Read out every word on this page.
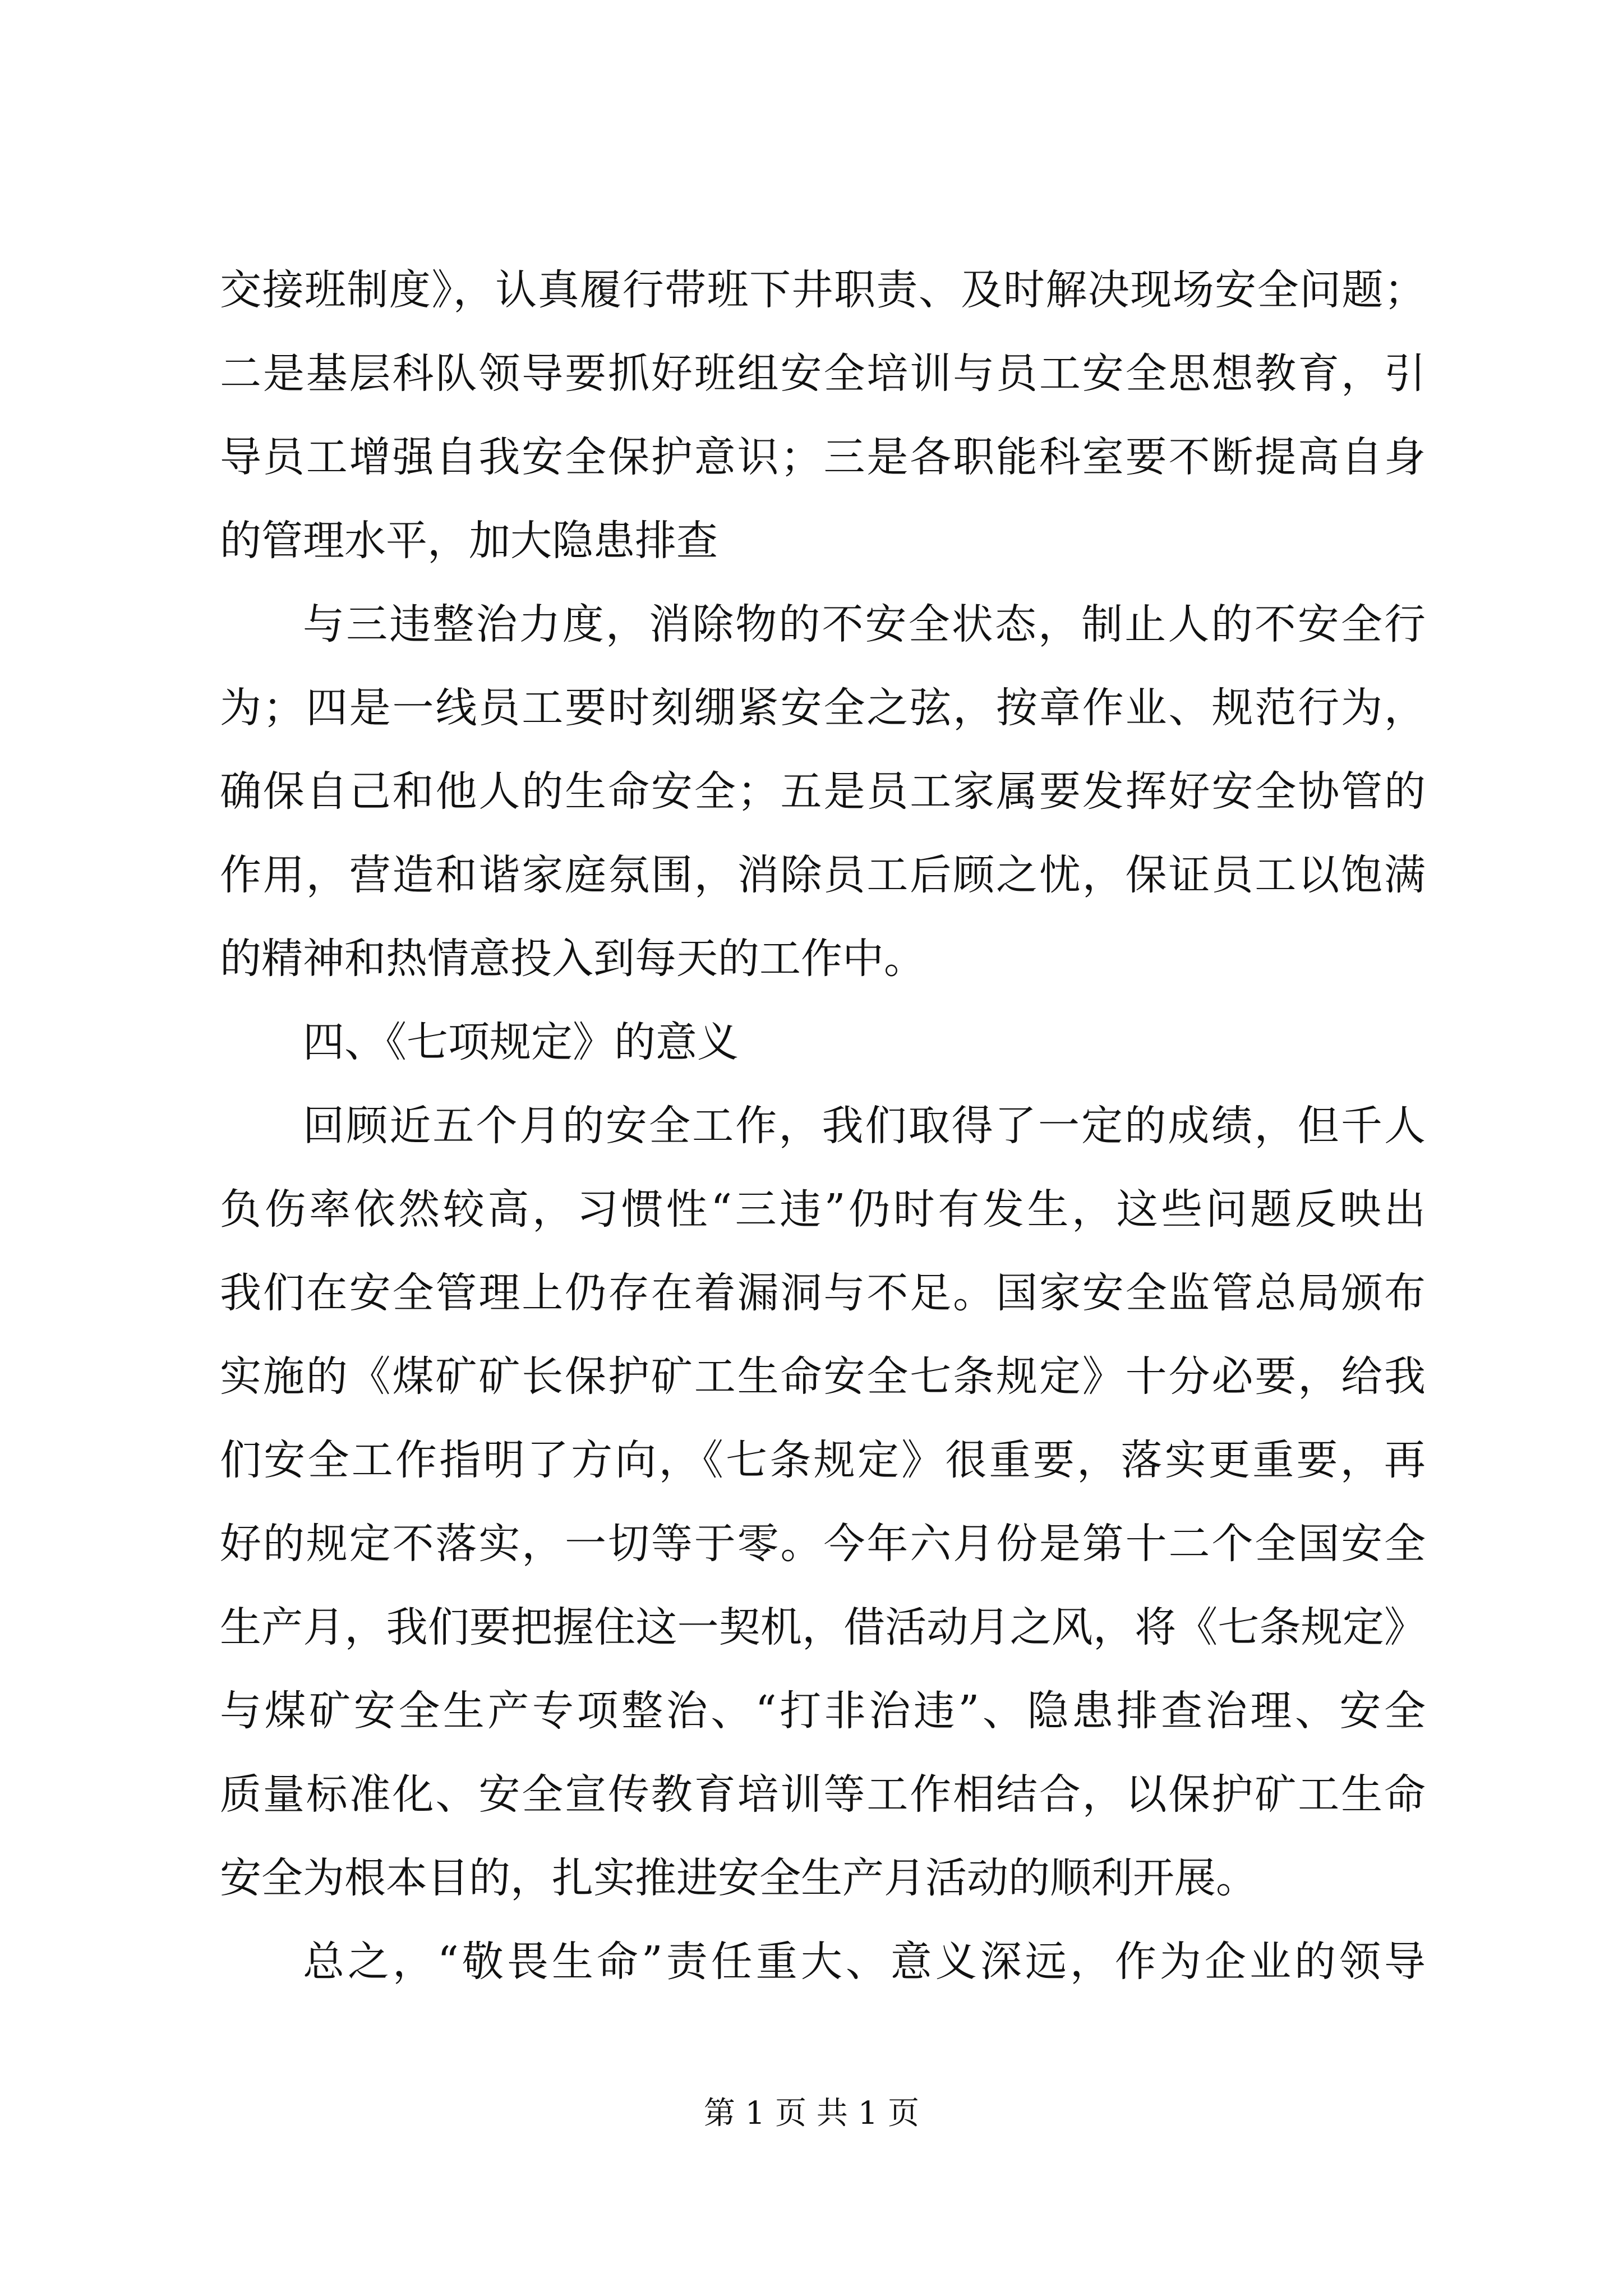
交接班制度》，认真履行带班下井职责、及时解决现场安全问题；
二是基层科队领导要抓好班组安全培训与员工安全思想教育，引
导员工增强自我安全保护意识；三是各职能科室要不断提高自身
的管理水平，加大隐患排查
与三违整治力度，消除物的不安全状态，制止人的不安全行
为；四是一线员工要时刻绷紧安全之弦，按章作业、规范行为，
确保自己和他人的生命安全；五是员工家属要发挥好安全协管的
作用，营造和谐家庭氛围，消除员工后顾之忧，保证员工以饱满
的精神和热情意投入到每天的工作中。
四、《七项规定》的意义
回顾近五个月的安全工作，我们取得了一定的成绩，但千人
负伤率依然较高，习惯性“三违”仍时有发生，这些问题反映出
我们在安全管理上仍存在着漏洞与不足。国家安全监管总局颁布
实施的《煤矿矿长保护矿工生命安全七条规定》十分必要，给我
们安全工作指明了方向，《七条规定》很重要，落实更重要，再
好的规定不落实，一切等于零。今年六月份是第十二个全国安全
生产月，我们要把握住这一契机，借活动月之风，将《七条规定》
与煤矿安全生产专项整治、“打非治违”、隐患排查治理、安全
质量标准化、安全宣传教育培训等工作相结合，以保护矿工生命
安全为根本目的，扎实推进安全生产月活动的顺利开展。
总之，“敬畏生命”责任重大、意义深远，作为企业的领导
第 1 页 共 1 页
